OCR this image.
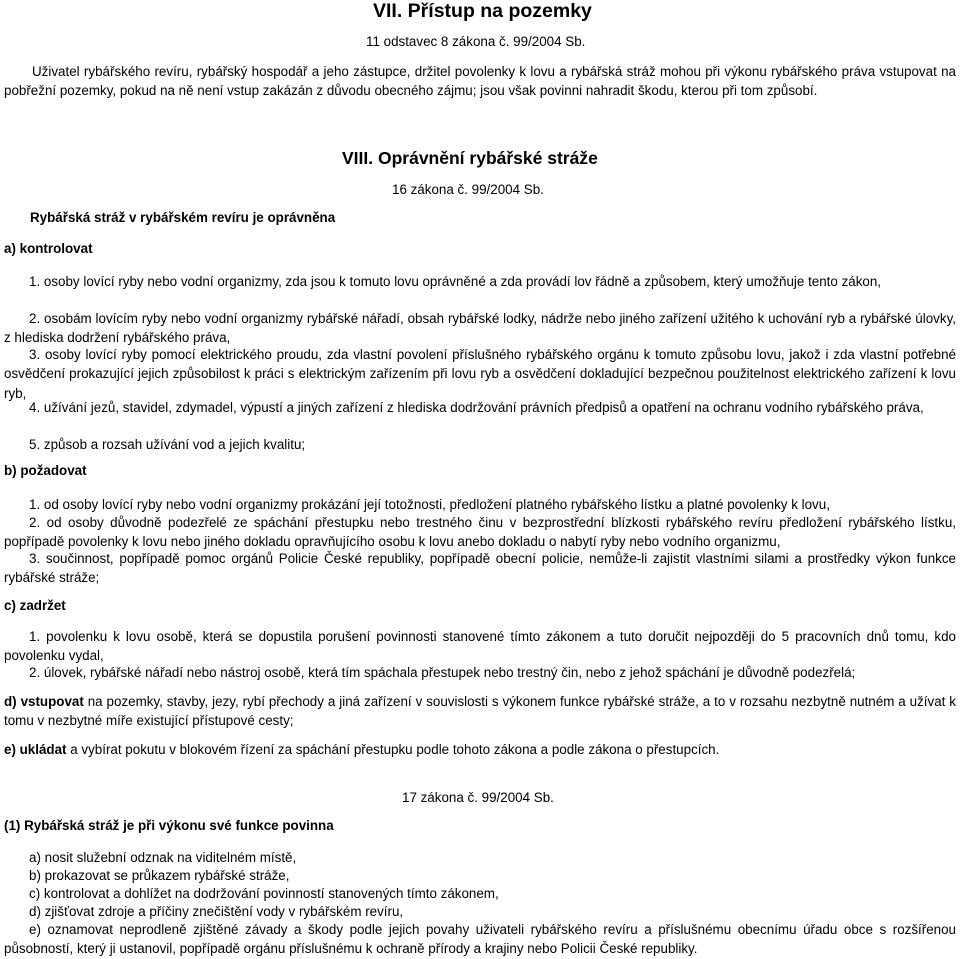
VII. Přístup na pozemky
11 odstavec 8 zákona č. 99/2004 Sb.
Uživatel rybářského revíru, rybářský hospodář a jeho zástupce, držitel povolenky k lovu a rybářská stráž mohou při výkonu rybářského práva vstupovat na pobřežní pozemky, pokud na ně není vstup zakázán z důvodu obecného zájmu; jsou však povinni nahradit škodu, kterou při tom způsobí.
VIII. Oprávnění rybářské stráže
16 zákona č. 99/2004 Sb.
Rybářská stráž v rybářském revíru je oprávněna
a) kontrolovat
1. osoby lovící ryby nebo vodní organizmy, zda jsou k tomuto lovu oprávněné a zda provádí lov řádně a způsobem, který umožňuje tento zákon,
2. osobám lovícím ryby nebo vodní organizmy rybářské nářadí, obsah rybářské lodky, nádrže nebo jiného zařízení užitého k uchování ryb a rybářské úlovky, z hlediska dodržení rybářského práva,
3. osoby lovící ryby pomocí elektrického proudu, zda vlastní povolení příslušného rybářského orgánu k tomuto způsobu lovu, jakož i zda vlastní potřebné osvědčení prokazující jejich způsobilost k práci s elektrickým zařízením při lovu ryb a osvědčení dokladující bezpečnou použitelnost elektrického zařízení k lovu ryb,
4. užívání jezů, stavidel, zdymadel, výpustí a jiných zařízení z hlediska dodržování právních předpisů a opatření na ochranu vodního rybářského práva,
5. způsob a rozsah užívání vod a jejich kvalitu;
b) požadovat
1. od osoby lovící ryby nebo vodní organizmy prokázání její totožnosti, předložení platného rybářského lístku a platné povolenky k lovu,
2. od osoby důvodně podezřelé ze spáchání přestupku nebo trestného činu v bezprostřední blízkosti rybářského revíru předložení rybářského lístku, popřípadě povolenky k lovu nebo jiného dokladu opravňujícího osobu k lovu anebo dokladu o nabytí ryby nebo vodního organizmu,
3. součinnost, popřípadě pomoc orgánů Policie České republiky, popřípadě obecní policie, nemůže-li zajistit vlastními silami a prostředky výkon funkce rybářské stráže;
c) zadržet
1. povolenku k lovu osobě, která se dopustila porušení povinnosti stanovené tímto zákonem a tuto doručit nejpozději do 5 pracovních dnů tomu, kdo povolenku vydal,
2. úlovek, rybářské nářadí nebo nástroj osobě, která tím spáchala přestupek nebo trestný čin, nebo z jehož spáchání je důvodně podezřelá;
d) vstupovat na pozemky, stavby, jezy, rybí přechody a jiná zařízení v souvislosti s výkonem funkce rybářské stráže, a to v rozsahu nezbytně nutném a užívat k tomu v nezbytné míře existující přístupové cesty;
e) ukládat a vybírat pokutu v blokovém řízení za spáchání přestupku podle tohoto zákona a podle zákona o přestupcích.
17 zákona č. 99/2004 Sb.
(1) Rybářská stráž je při výkonu své funkce povinna
a) nosit služební odznak na viditelném místě,
b) prokazovat se průkazem rybářské stráže,
c) kontrolovat a dohlížet na dodržování povinností stanovených tímto zákonem,
d) zjišťovat zdroje a příčiny znečištění vody v rybářském revíru,
e) oznamovat neprodleně zjištěné závady a škody podle jejich povahy uživateli rybářského revíru a příslušnému obecnímu úřadu obce s rozšířenou působností, který ji ustanovil, popřípadě orgánu příslušnému k ochraně přírody a krajiny nebo Policii České republiky.
